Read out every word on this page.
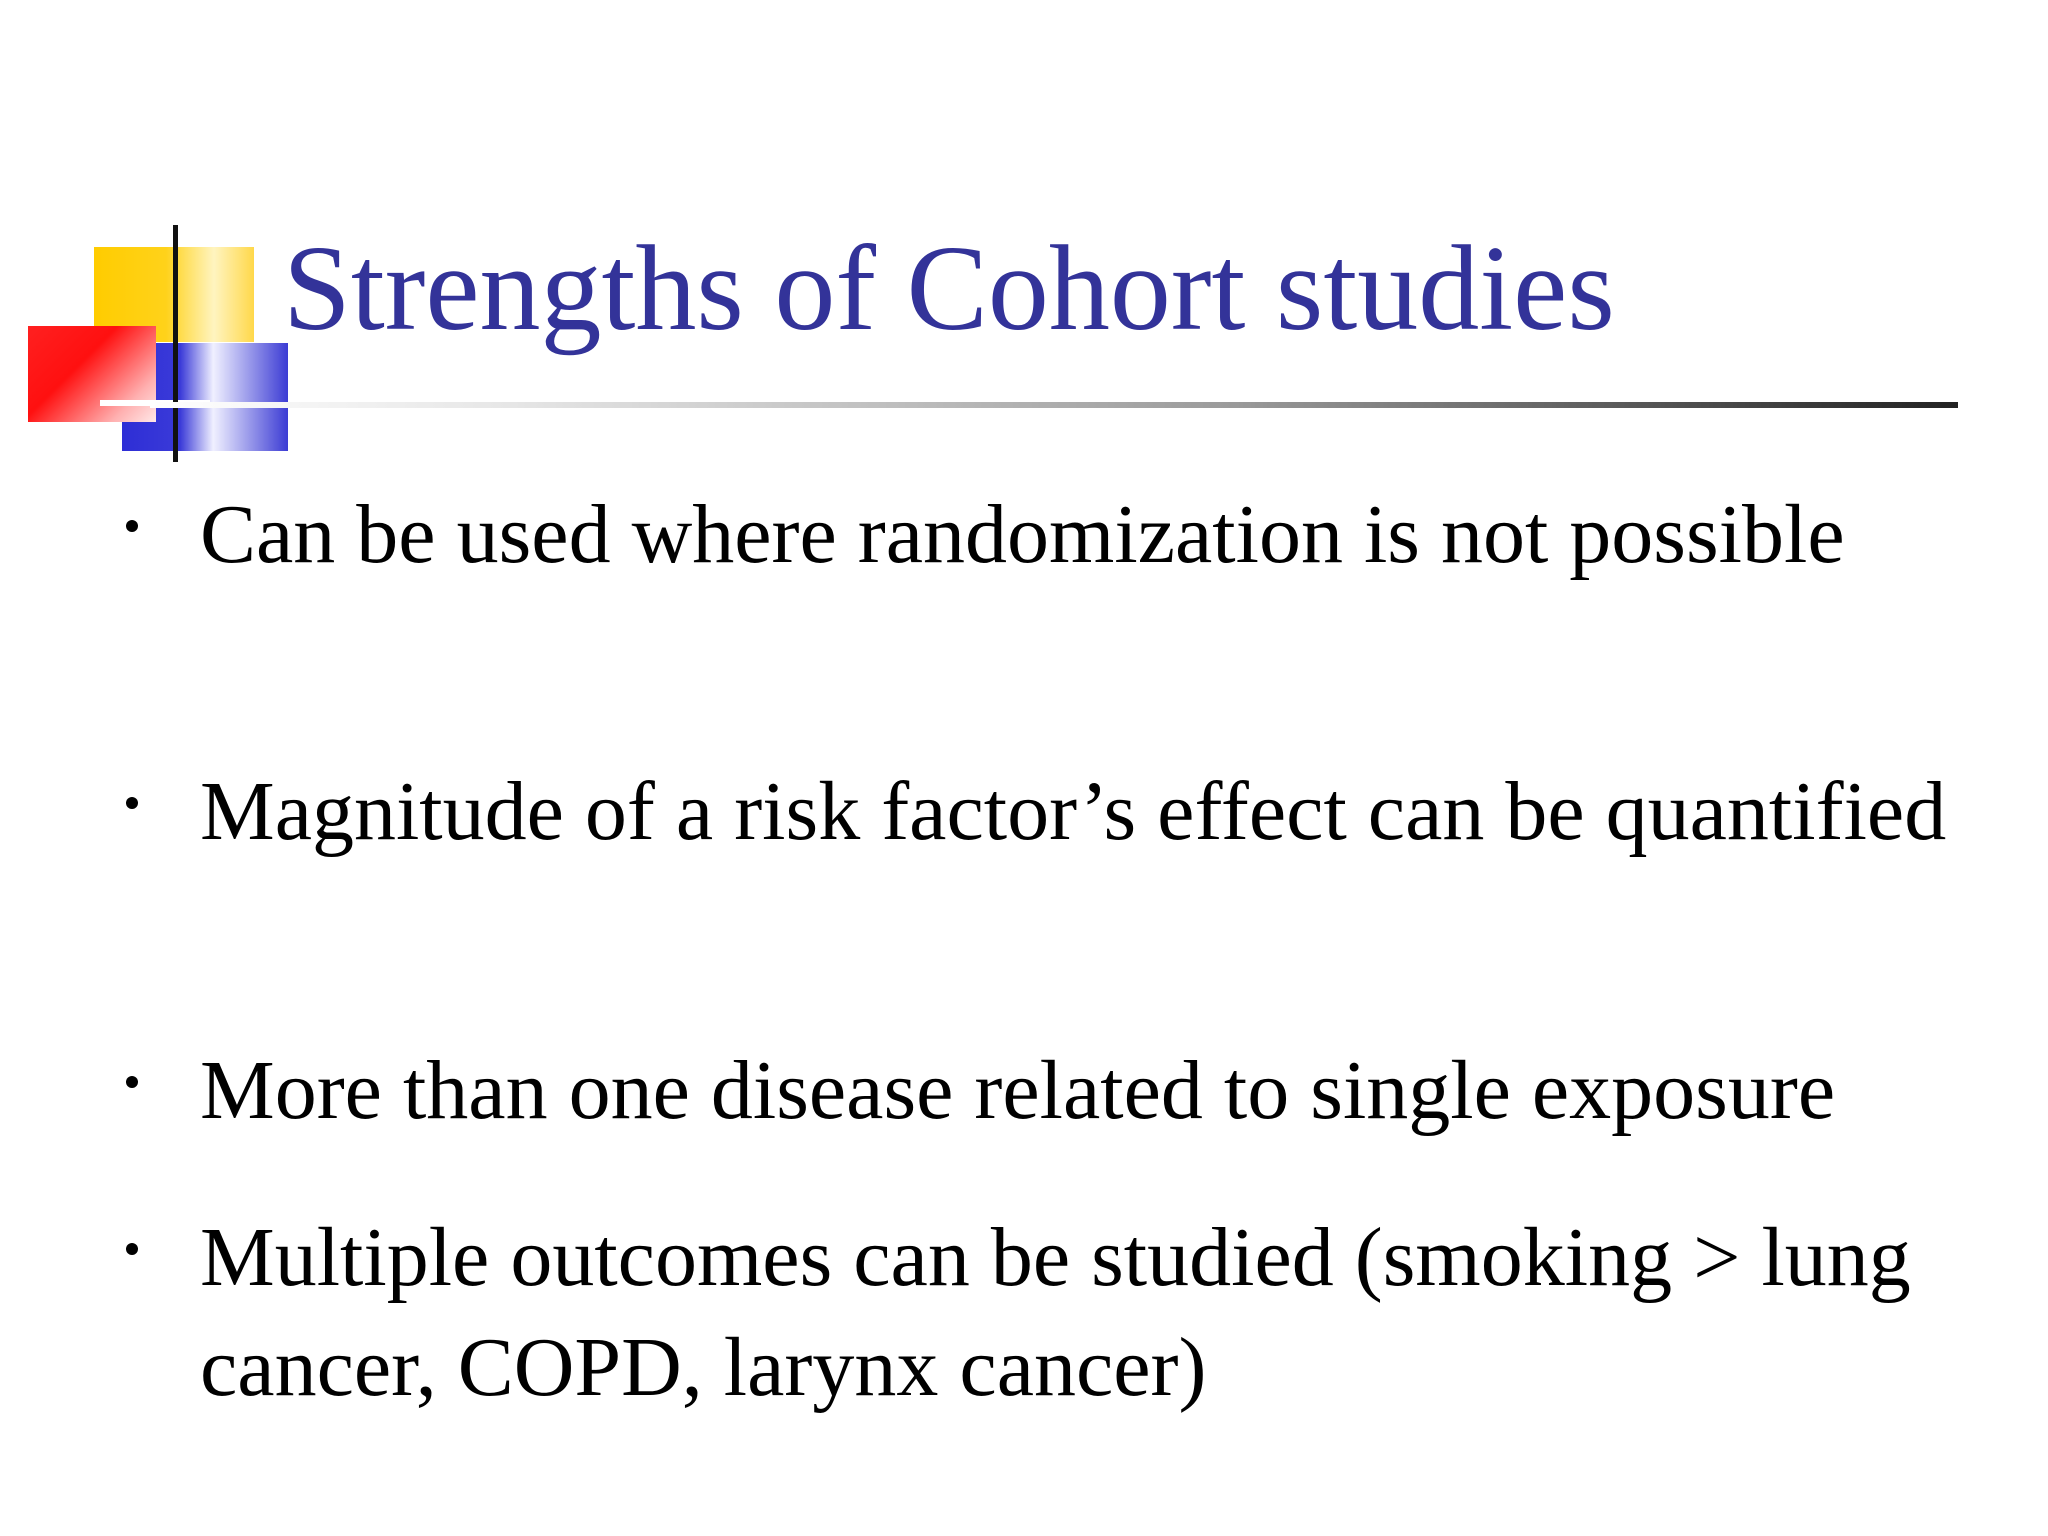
Strengths of Cohort studies
Can be used where randomization is not possible
Magnitude of a risk factor’s effect can be quantified
More than one disease related to single exposure
Multiple outcomes can be studied (smoking > lung cancer, COPD, larynx cancer)
